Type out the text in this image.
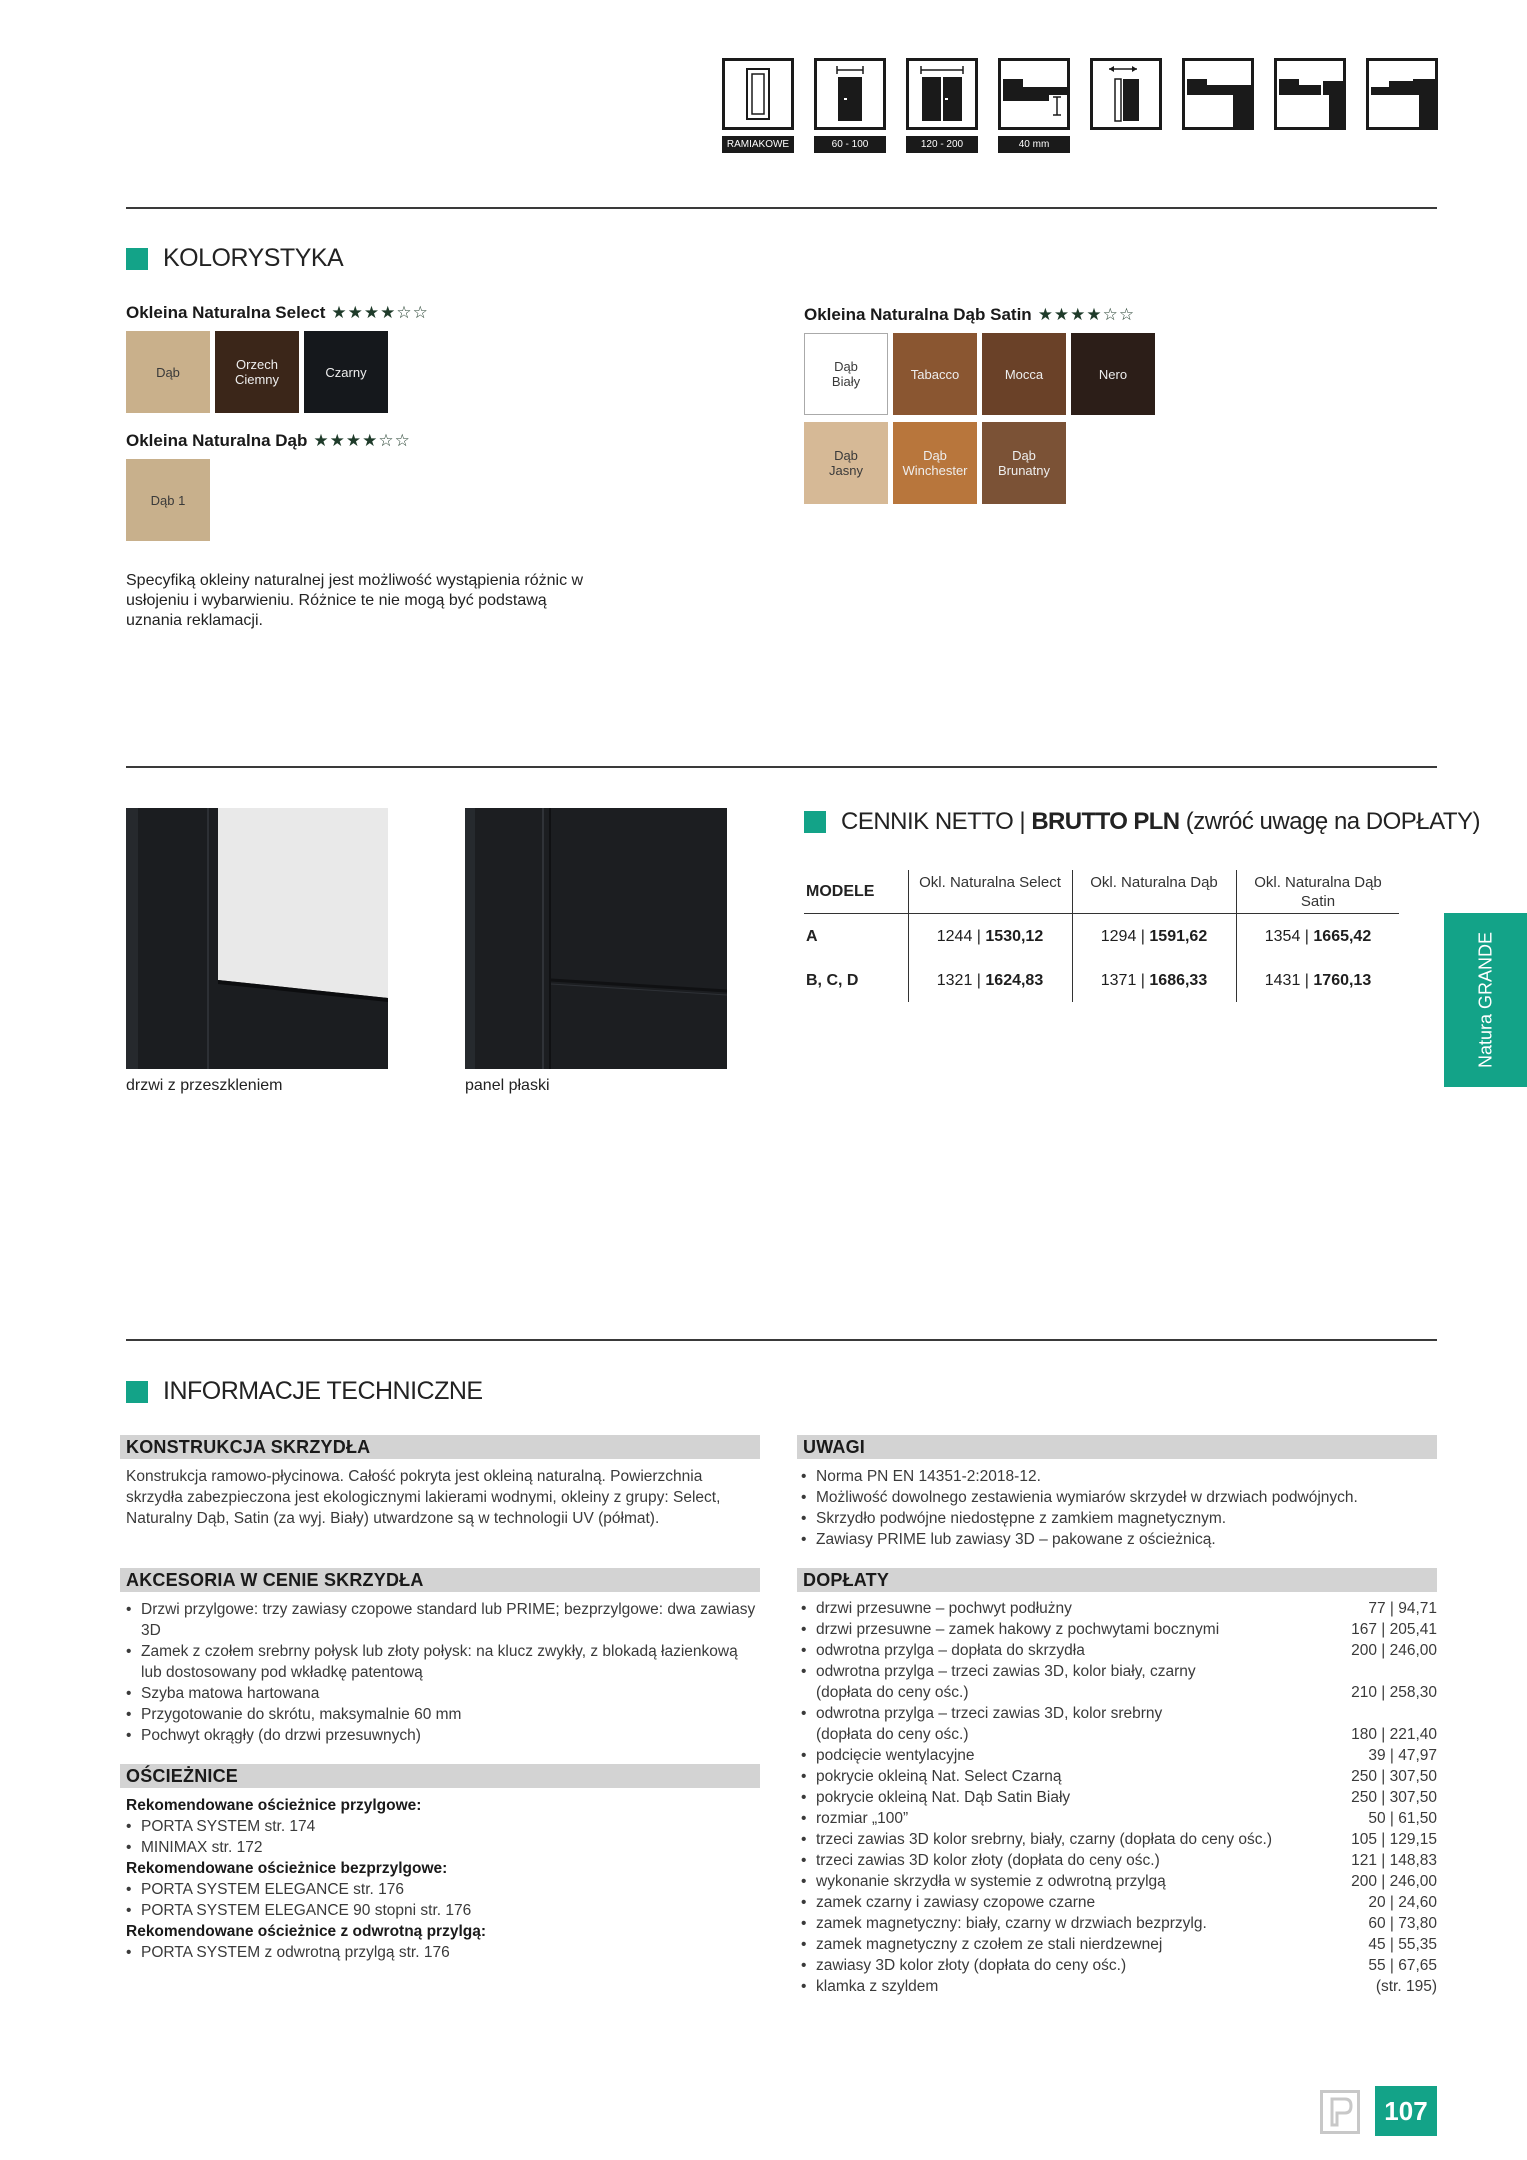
RAMIAKOWE	60 - 100	120 - 200	40 mm
KOLORYSTYKA
Okleina Naturalna Select ★★★★☆☆
Dąb	Orzech Ciemny	Czarny
Okleina Naturalna Dąb ★★★★☆☆
Dąb 1
Okleina Naturalna Dąb Satin ★★★★☆☆
Dąb Biały	Tabacco	Mocca	Nero
Dąb Jasny
Dąb Winchester
Dąb Brunatny
Specyfiką okleiny naturalnej jest możliwość wystąpienia różnic w usłojeniu i wybarwieniu. Różnice te nie mogą być podstawą uznania reklamacji.
drzwi z przeszkleniem	panel płaski
CENNIK NETTO | BRUTTO PLN (zwróć uwagę na DOPŁATY)
MODELE
Okl. Naturalna Select	Okl. Naturalna Dąb	Okl. Naturalna Dąb Satin
A	1244 | 1530,12	1294 | 1591,62	1354 | 1665,42
B, C, D	1321 | 1624,83	1371 | 1686,33	1431 | 1760,13	Natura GRANDE
INFORMACJE TECHNICZNE
KONSTRUKCJA SKRZYDŁA
Konstrukcja ramowo-płycinowa. Całość pokryta jest okleiną naturalną. Powierzchnia skrzydła zabezpieczona jest ekologicznymi lakierami wodnymi, okleiny z grupy: Select, Naturalny Dąb, Satin (za wyj. Biały) utwardzone są w technologii UV (półmat).
AKCESORIA W CENIE SKRZYDŁA
• Drzwi przylgowe: trzy zawiasy czopowe standard lub PRIME; bezprzylgowe: dwa zawiasy 3D
• Zamek z czołem srebrny połysk lub złoty połysk: na klucz zwykły, z blokadą łazienkową lub dostosowany pod wkładkę patentową
• Szyba matowa hartowana
• Przygotowanie do skrótu, maksymalnie 60 mm
• Pochwyt okrągły (do drzwi przesuwnych)
OŚCIEŻNICE
Rekomendowane ościeżnice przylgowe:
• PORTA SYSTEM str. 174
• MINIMAX str. 172
Rekomendowane ościeżnice bezprzylgowe:
• PORTA SYSTEM ELEGANCE str. 176
• PORTA SYSTEM ELEGANCE 90 stopni str. 176
Rekomendowane ościeżnice z odwrotną przylgą:
• PORTA SYSTEM z odwrotną przylgą str. 176
UWAGI
• Norma PN EN 14351-2:2018-12.
• Możliwość dowolnego zestawienia wymiarów skrzydeł w drzwiach podwójnych.
• Skrzydło podwójne niedostępne z zamkiem magnetycznym.
• Zawiasy PRIME lub zawiasy 3D – pakowane z ościeżnicą.
DOPŁATY
• drzwi przesuwne – pochwyt podłużny	77 | 94,71
• drzwi przesuwne – zamek hakowy z pochwytami bocznymi	167 | 205,41
• odwrotna przylga – dopłata do skrzydła	200 | 246,00
• odwrotna przylga – trzeci zawias 3D, kolor biały, czarny
(dopłata do ceny ośc.)	210 | 258,30
• odwrotna przylga – trzeci zawias 3D, kolor srebrny
(dopłata do ceny ośc.)	180 | 221,40
• podcięcie wentylacyjne	39 | 47,97
• pokrycie okleiną Nat. Select Czarną	250 | 307,50
• pokrycie okleiną Nat. Dąb Satin Biały	250 | 307,50
• rozmiar „100”	50 | 61,50
• trzeci zawias 3D kolor srebrny, biały, czarny (dopłata do ceny ośc.)	105 | 129,15
• trzeci zawias 3D kolor złoty (dopłata do ceny ośc.)	121 | 148,83
• wykonanie skrzydła w systemie z odwrotną przylgą	200 | 246,00
• zamek czarny i zawiasy czopowe czarne	20 | 24,60
• zamek magnetyczny: biały, czarny w drzwiach bezprzylg.	60 | 73,80
• zamek magnetyczny z czołem ze stali nierdzewnej	45 | 55,35
• zawiasy 3D kolor złoty (dopłata do ceny ośc.)	55 | 67,65
• klamka z szyldem	(str. 195)
107
